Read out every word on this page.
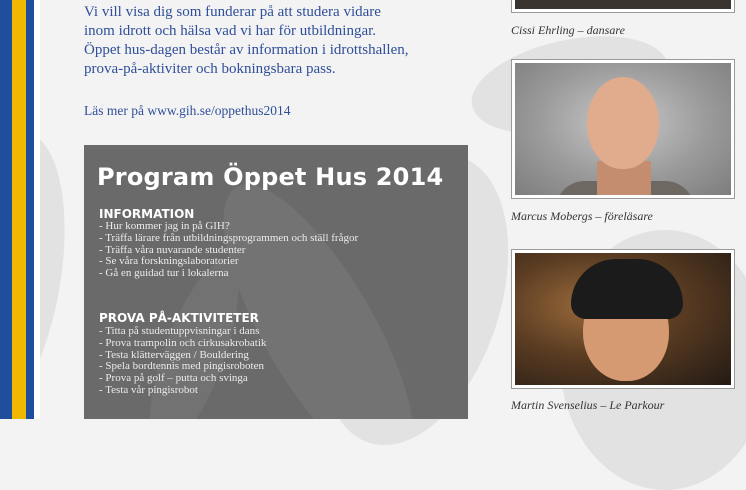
Vi vill visa dig som funderar på att studera vidare
inom idrott och hälsa vad vi har för utbildningar.
Öppet hus-dagen består av information i idrottshallen,
prova-på-aktiviter och bokningsbara pass.

Läs mer på www.gih.se/oppethus2014

Program Öppet Hus 2014
INFORMATION
- Hur kommer jag in på GIH?
- Träffa lärare från utbildningsprogrammen och ställ frågor
- Träffa våra nuvarande studenter
- Se våra forskningslaboratorier
- Gå en guidad tur i lokalerna
PROVA PÅ-AKTIVITETER
- Titta på studentuppvisningar i dans
- Prova trampolin och cirkusakrobatik
- Testa klätterväggen / Bouldering
- Spela bordtennis med pingisroboten
- Prova på golf – putta och svinga
- Testa vår pingisrobot

Cissi Ehrling – dansare

Marcus Mobergs – föreläsare

Martin Svenselius – Le Parkour
